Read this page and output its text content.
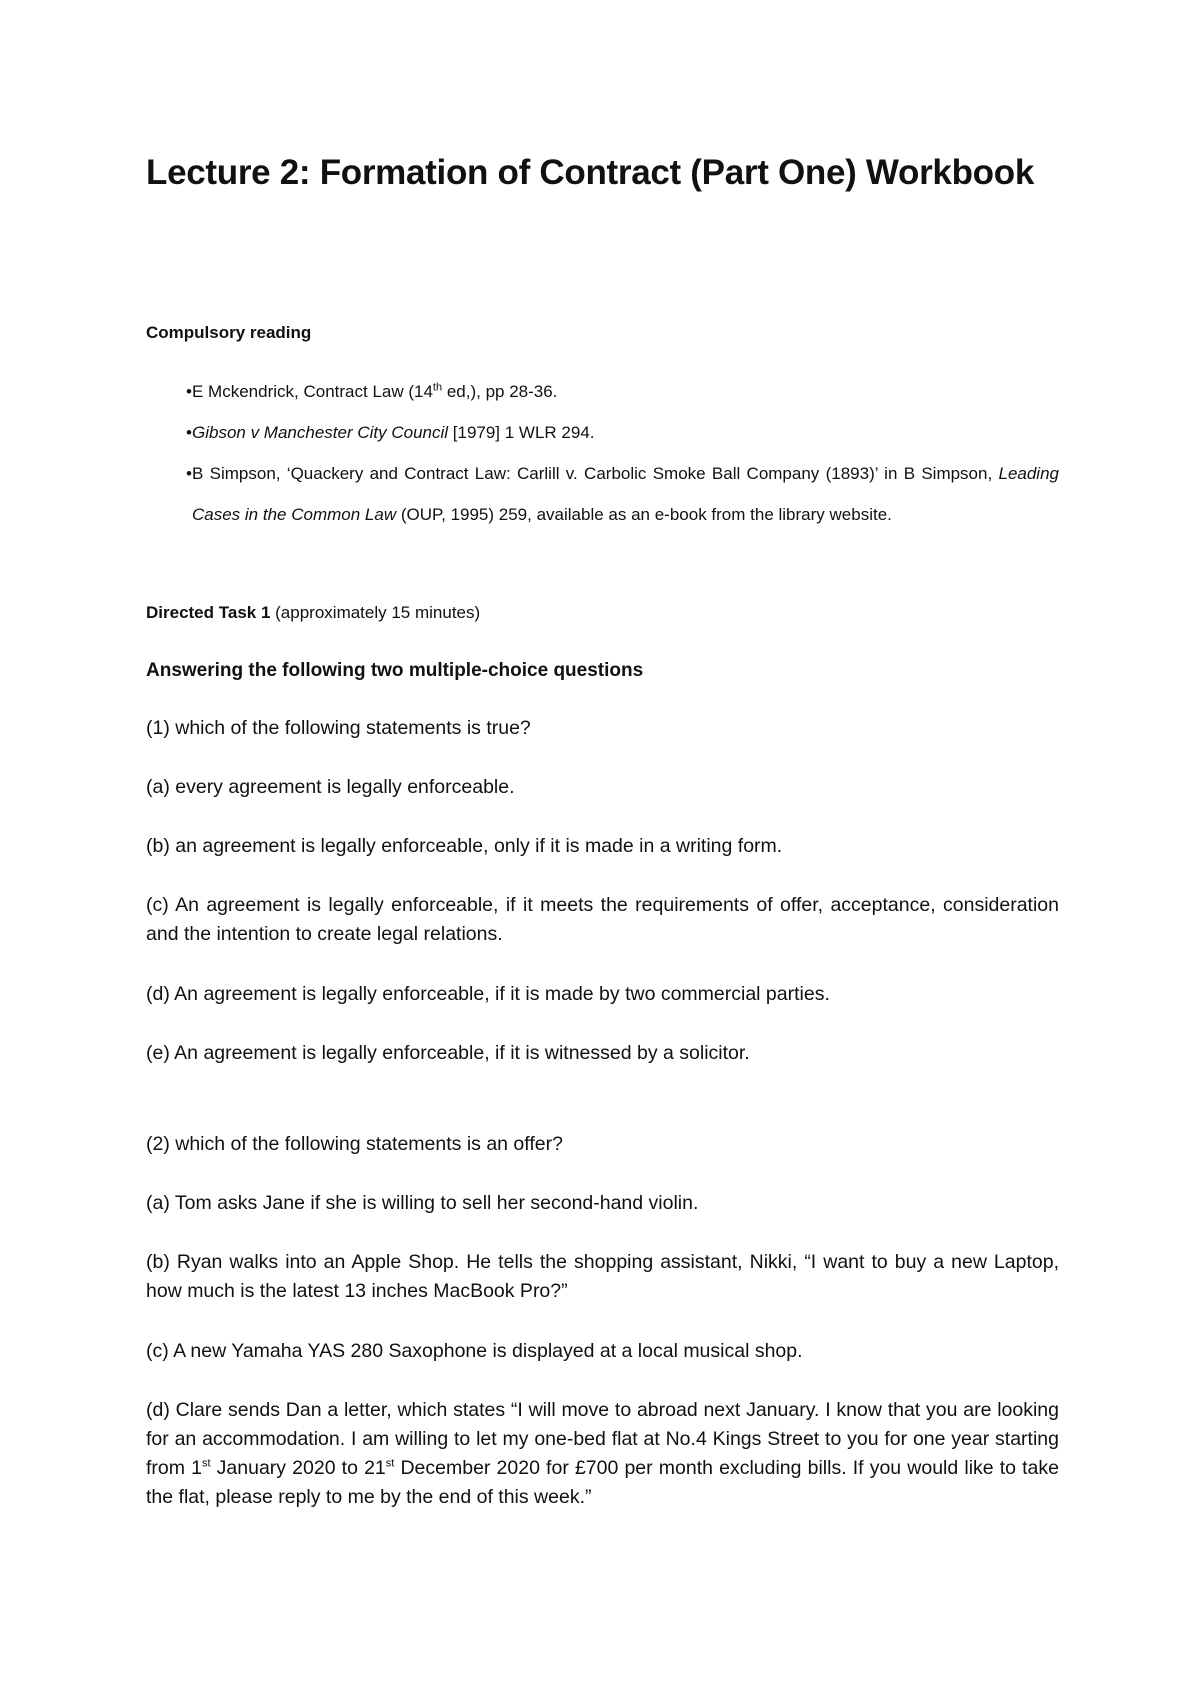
Lecture 2: Formation of Contract (Part One) Workbook
Compulsory reading
• E Mckendrick, Contract Law (14th ed,), pp 28-36.
• Gibson v Manchester City Council [1979] 1 WLR 294.
• B Simpson, ‘Quackery and Contract Law: Carlill v. Carbolic Smoke Ball Company (1893)’ in B Simpson, Leading Cases in the Common Law (OUP, 1995) 259, available as an e-book from the library website.
Directed Task 1 (approximately 15 minutes)
Answering the following two multiple-choice questions
(1) which of the following statements is true?
(a) every agreement is legally enforceable.
(b) an agreement is legally enforceable, only if it is made in a writing form.
(c) An agreement is legally enforceable, if it meets the requirements of offer, acceptance, consideration and the intention to create legal relations.
(d) An agreement is legally enforceable, if it is made by two commercial parties.
(e) An agreement is legally enforceable, if it is witnessed by a solicitor.
(2) which of the following statements is an offer?
(a) Tom asks Jane if she is willing to sell her second-hand violin.
(b) Ryan walks into an Apple Shop. He tells the shopping assistant, Nikki, “I want to buy a new Laptop, how much is the latest 13 inches MacBook Pro?”
(c) A new Yamaha YAS 280 Saxophone is displayed at a local musical shop.
(d) Clare sends Dan a letter, which states “I will move to abroad next January. I know that you are looking for an accommodation. I am willing to let my one-bed flat at No.4 Kings Street to you for one year starting from 1st January 2020 to 21st December 2020 for £700 per month excluding bills. If you would like to take the flat, please reply to me by the end of this week.”
